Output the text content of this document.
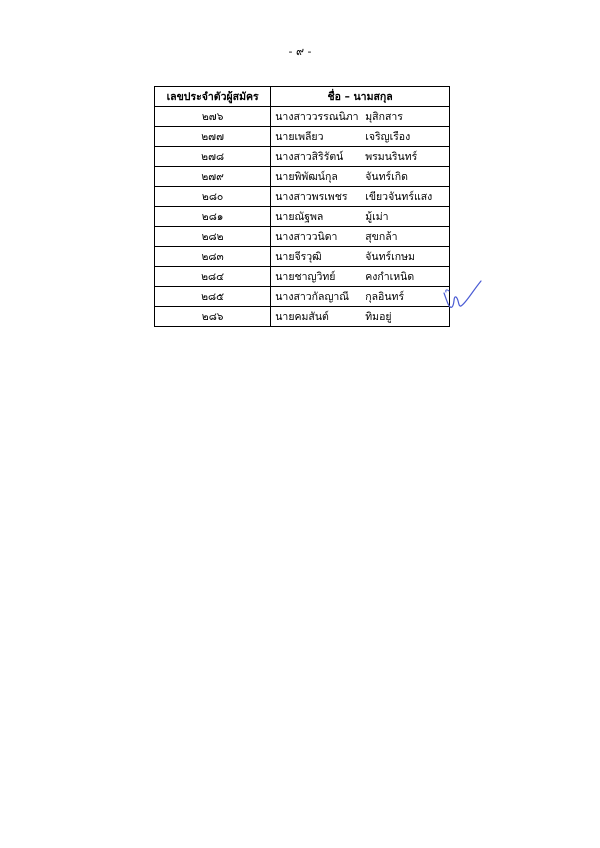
- ๙ -
เลขประจำตัวผู้สมัคร	ชื่อ – นามสกุล
๒๗๖	นางสาววรรณนิภา มุสิกสาร
๒๗๗	นายเพลียว เจริญเรือง
๒๗๘	นางสาวสิริรัตน์ พรมนรินทร์
๒๗๙	นายพิพัฒน์กุล จันทร์เกิด
๒๘๐	นางสาวพรเพชร เขียวจันทร์แสง
๒๘๑	นายณัฐพล มู้เม่า
๒๘๒	นางสาววนิดา สุขกล้า
๒๘๓	นายจีรวุฒิ จันทร์เกษม
๒๘๔	นายชาญวิทย์ คงกำเหนิด
๒๘๕	นางสาวกัลญาณี กุลอินทร์
๒๘๖	นายคมสันต์ ทิมอยู่
